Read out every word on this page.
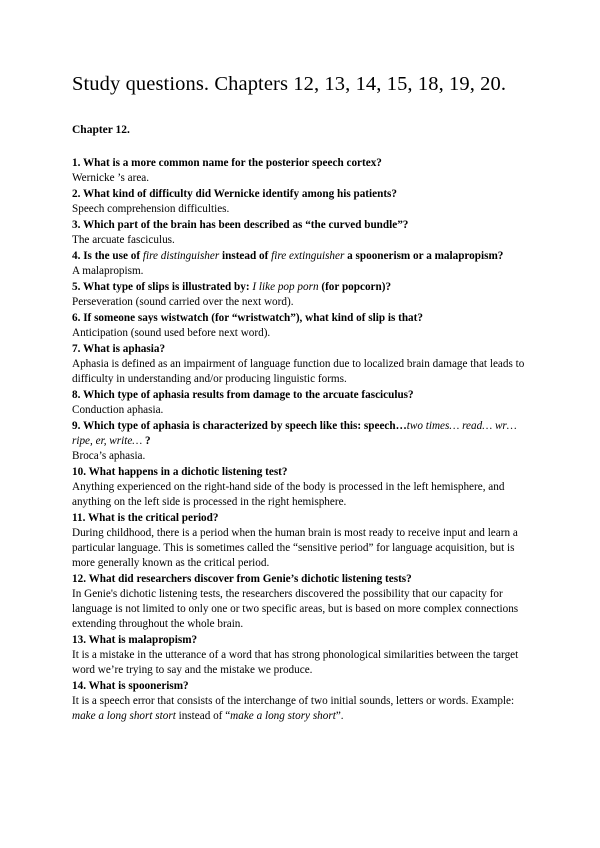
Study questions. Chapters 12, 13, 14, 15, 18, 19, 20.
Chapter 12.

1. What is a more common name for the posterior speech cortex?

Wernicke ’s area.

2. What kind of difficulty did Wernicke identify among his patients?

Speech comprehension difficulties.

3. Which part of the brain has been described as “the curved bundle”?

The arcuate fasciculus.

4. Is the use of fire distinguisher instead of fire extinguisher a spoonerism or a malapropism?

A malapropism.

5. What type of slips is illustrated by: I like pop porn (for popcorn)?

Perseveration (sound carried over the next word).

6. If someone says wistwatch (for “wristwatch”), what kind of slip is that?

Anticipation (sound used before next word).

7. What is aphasia?

Aphasia is defined as an impairment of language function due to localized brain damage that leads to difficulty in understanding and/or producing linguistic forms.

8. Which type of aphasia results from damage to the arcuate fasciculus?

Conduction aphasia.

9. Which type of aphasia is characterized by speech like this: speech…two times… read… wr… ripe, er, write… ?

Broca’s aphasia.

10. What happens in a dichotic listening test?

Anything experienced on the right-hand side of the body is processed in the left hemisphere, and anything on the left side is processed in the right hemisphere.

11. What is the critical period?

During childhood, there is a period when the human brain is most ready to receive input and learn a particular language. This is sometimes called the “sensitive period” for language acquisition, but is more generally known as the critical period.

12. What did researchers discover from Genie’s dichotic listening tests?

In Genie's dichotic listening tests, the researchers discovered the possibility that our capacity for language is not limited to only one or two specific areas, but is based on more complex connections extending throughout the whole brain.

13. What is malapropism?

It is a mistake in the utterance of a word that has strong phonological similarities between the target word we’re trying to say and the mistake we produce.

14. What is spoonerism?

It is a speech error that consists of the interchange of two initial sounds, letters or words. Example: make a long short stort instead of “make a long story short”.
